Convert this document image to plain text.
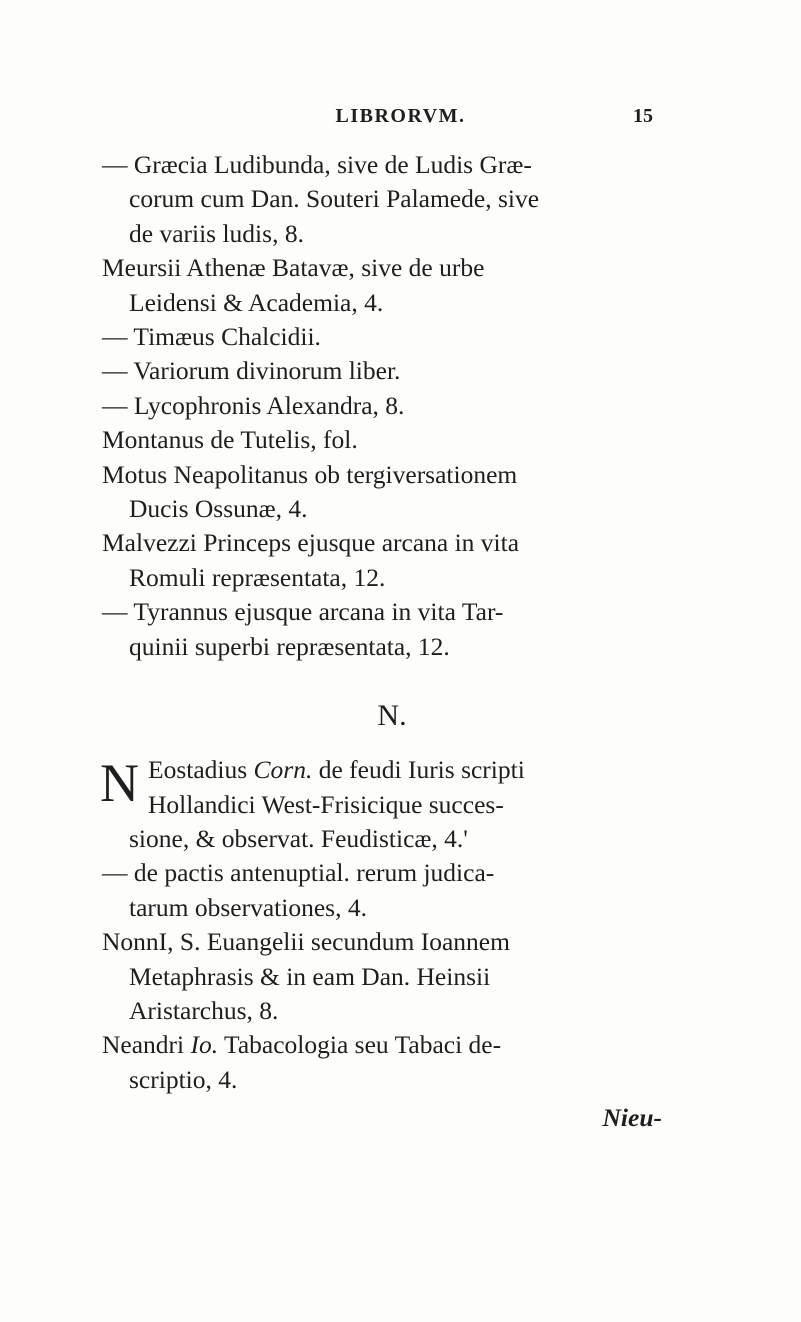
LIBRORVM.	15
— Græcia Ludibunda, sive de Ludis Græ-
corum cum Dan. Souteri Palamede, sive
de variis ludis, 8.
Meursii Athenæ Batavæ, sive de urbe
Leidensi & Academia, 4.
— Timæus Chalcidii.
— Variorum divinorum liber.
— Lycophronis Alexandra, 8.
Montanus de Tutelis, fol.
Motus Neapolitanus ob tergiversationem
Ducis Ossunæ, 4.
Malvezzi Princeps ejusque arcana in vita
Romuli repræsentata, 12.
— Tyrannus ejusque arcana in vita Tar-
quinii superbi repræsentata, 12.
N.
N Eostadius Corn. de feudi Iuris scripti
Hollandici West-Frisicique succes-
sione, & observat. Feudisticæ, 4.'
— de pactis antenuptial. rerum judica-
tarum observationes, 4.
NonnI, S. Euangelii secundum Ioannem
Metaphrasis & in eam Dan. Heinsii
Aristarchus, 8.
Neandri Io. Tabacologia seu Tabaci de-
scriptio, 4.
Nieu-
